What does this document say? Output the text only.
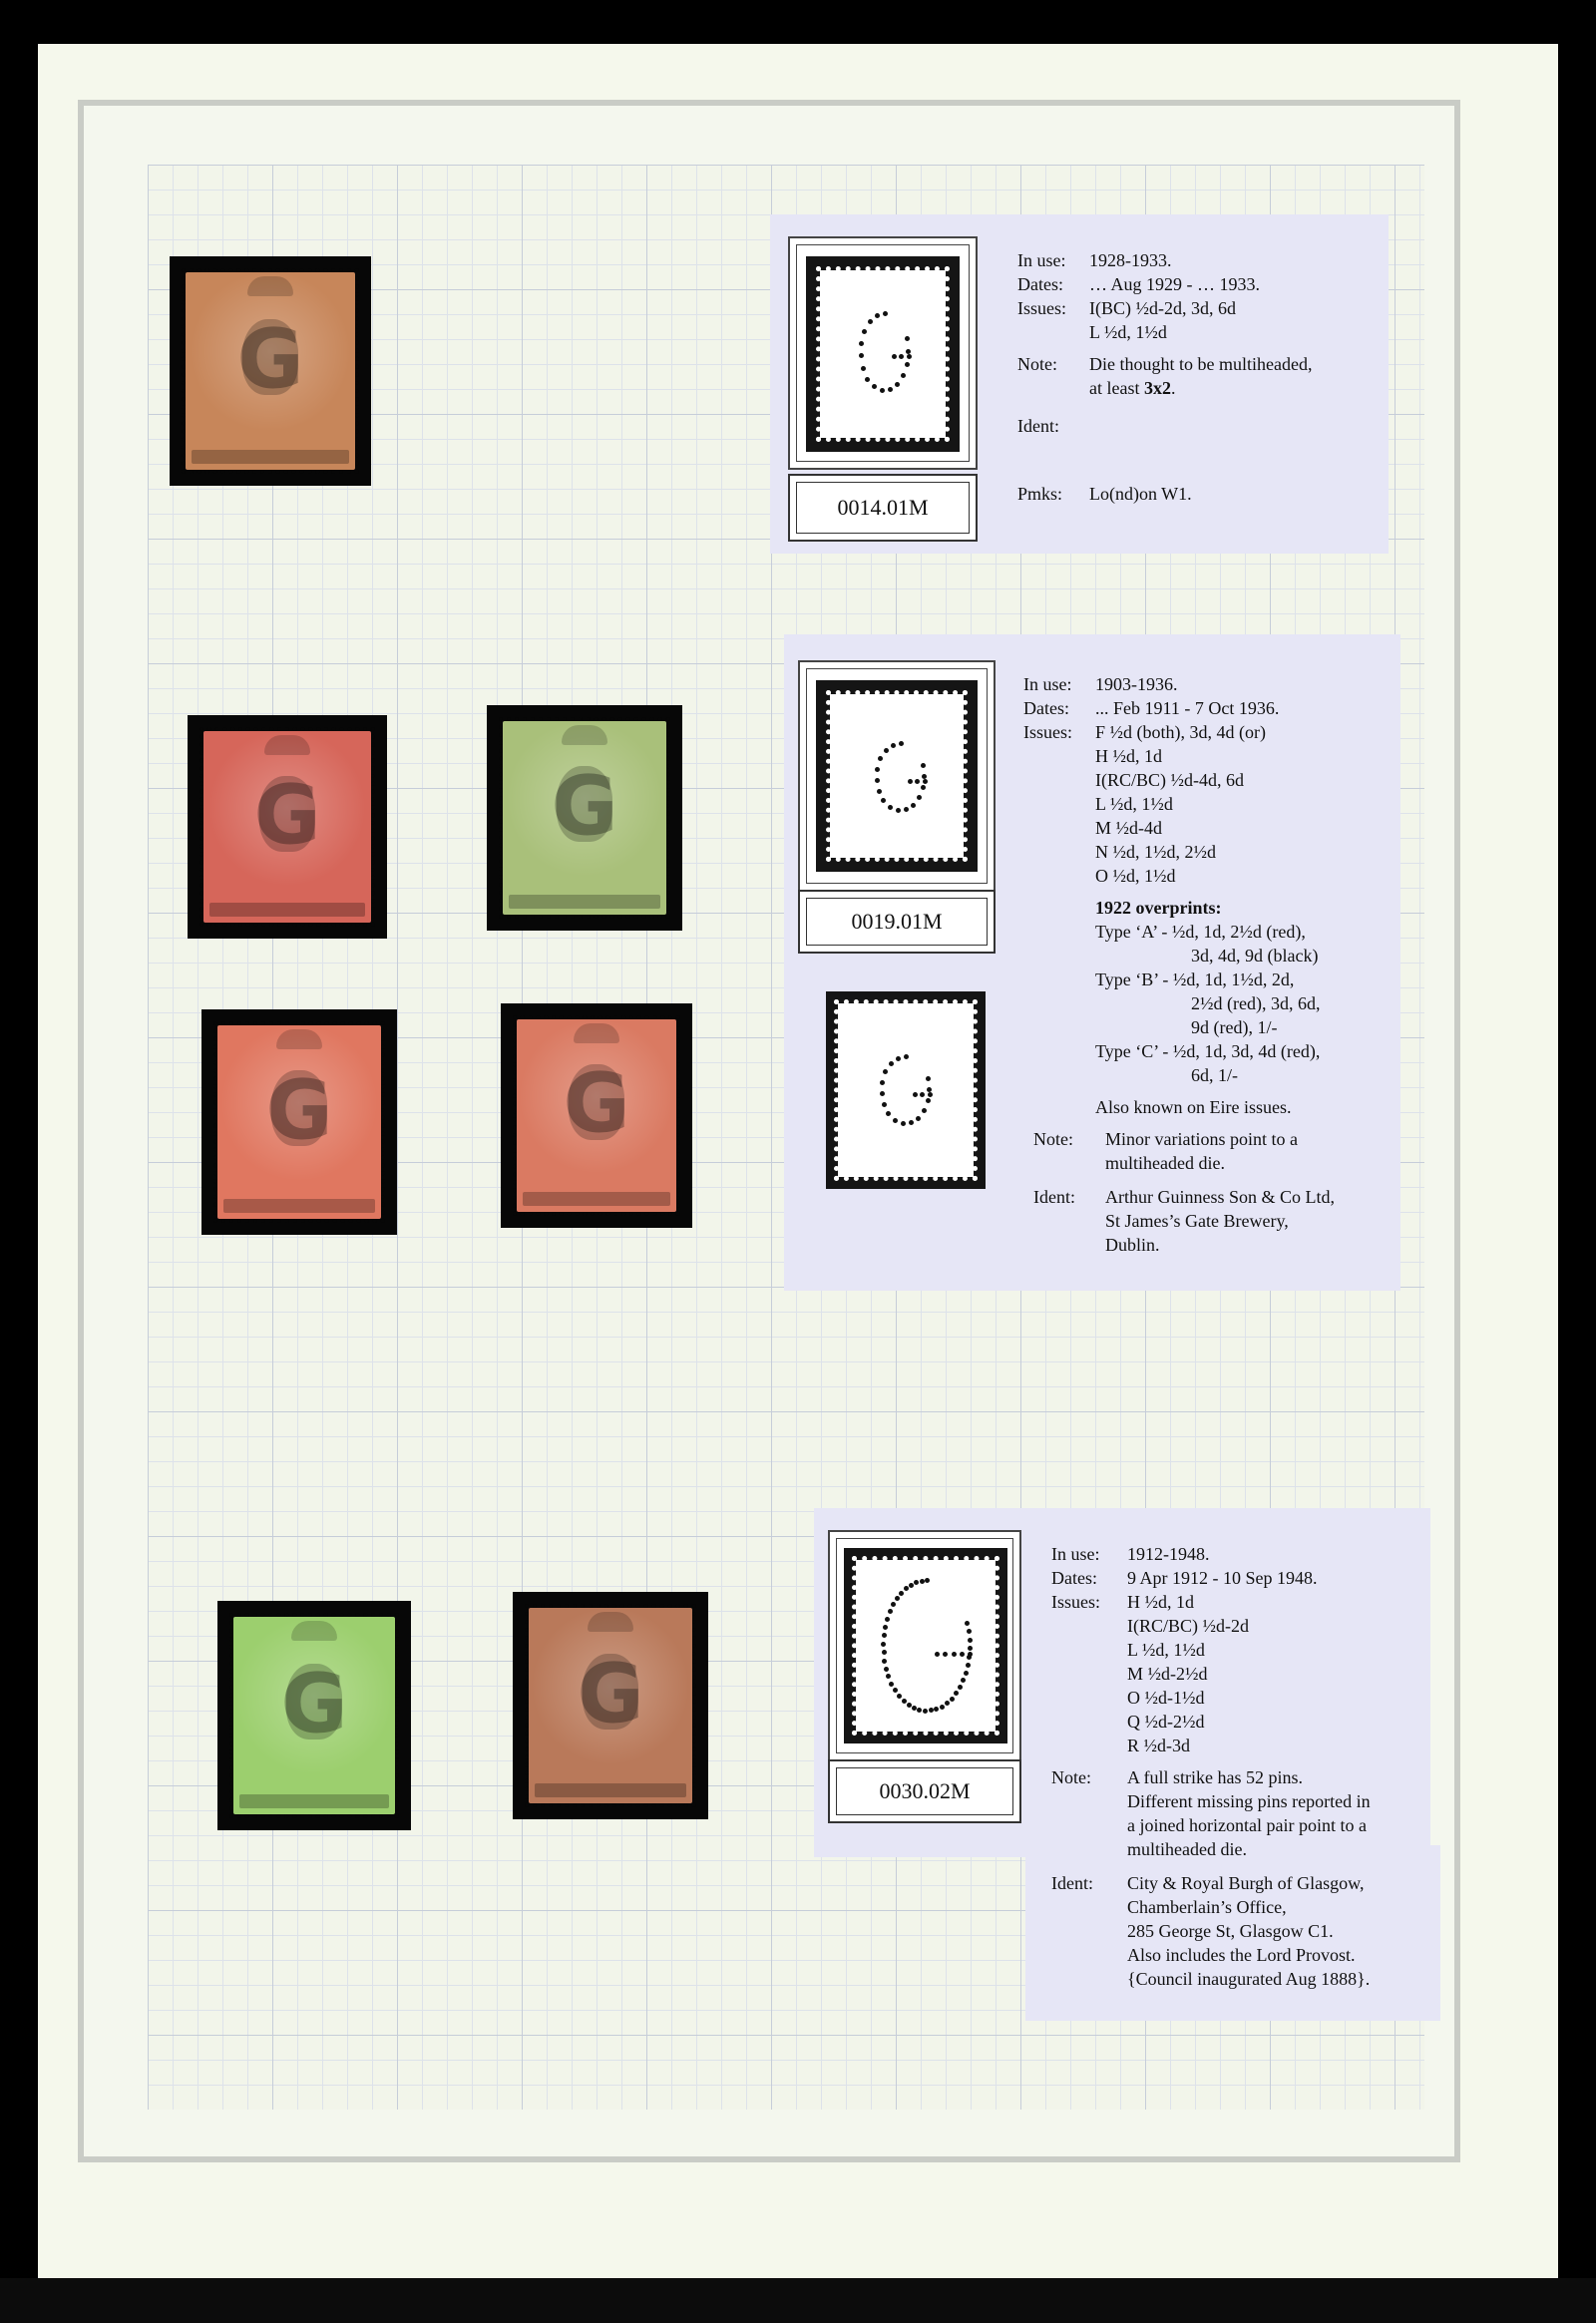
G
G	G
G	G
G	G
0014.01M
In use:	1928-1933.
Dates:	… Aug 1929 - … 1933.
Issues:	I(BC) ½d-2d, 3d, 6d
L ½d, 1½d
Note:	Die thought to be multiheaded,
at least 3x2.
Ident:
Pmks:	Lo(nd)on W1.
0019.01M
In use:	1903-1936.
Dates:	... Feb 1911 - 7 Oct 1936.
Issues:	F ½d (both), 3d, 4d (or)
H ½d, 1d
I(RC/BC) ½d-4d, 6d
L ½d, 1½d
M ½d-4d
N ½d, 1½d, 2½d
O ½d, 1½d
1922 overprints:
Type ‘A’ - ½d, 1d, 2½d (red),
3d, 4d, 9d (black)
Type ‘B’ - ½d, 1d, 1½d, 2d,
2½d (red), 3d, 6d,
9d (red), 1/-
Type ‘C’ - ½d, 1d, 3d, 4d (red),
6d, 1/-
Also known on Eire issues.
Note:	Minor variations point to a
multiheaded die.
Ident:	Arthur Guinness Son & Co Ltd,
St James’s Gate Brewery,
Dublin.
0030.02M
In use:	1912-1948.
Dates:	9 Apr 1912 - 10 Sep 1948.
Issues:	H ½d, 1d
I(RC/BC) ½d-2d
L ½d, 1½d
M ½d-2½d
O ½d-1½d
Q ½d-2½d
R ½d-3d
Note:	A full strike has 52 pins.
Different missing pins reported in
a joined horizontal pair point to a
multiheaded die.
Ident:	City & Royal Burgh of Glasgow,
Chamberlain’s Office,
285 George St, Glasgow C1.
Also includes the Lord Provost.
{Council inaugurated Aug 1888}.
